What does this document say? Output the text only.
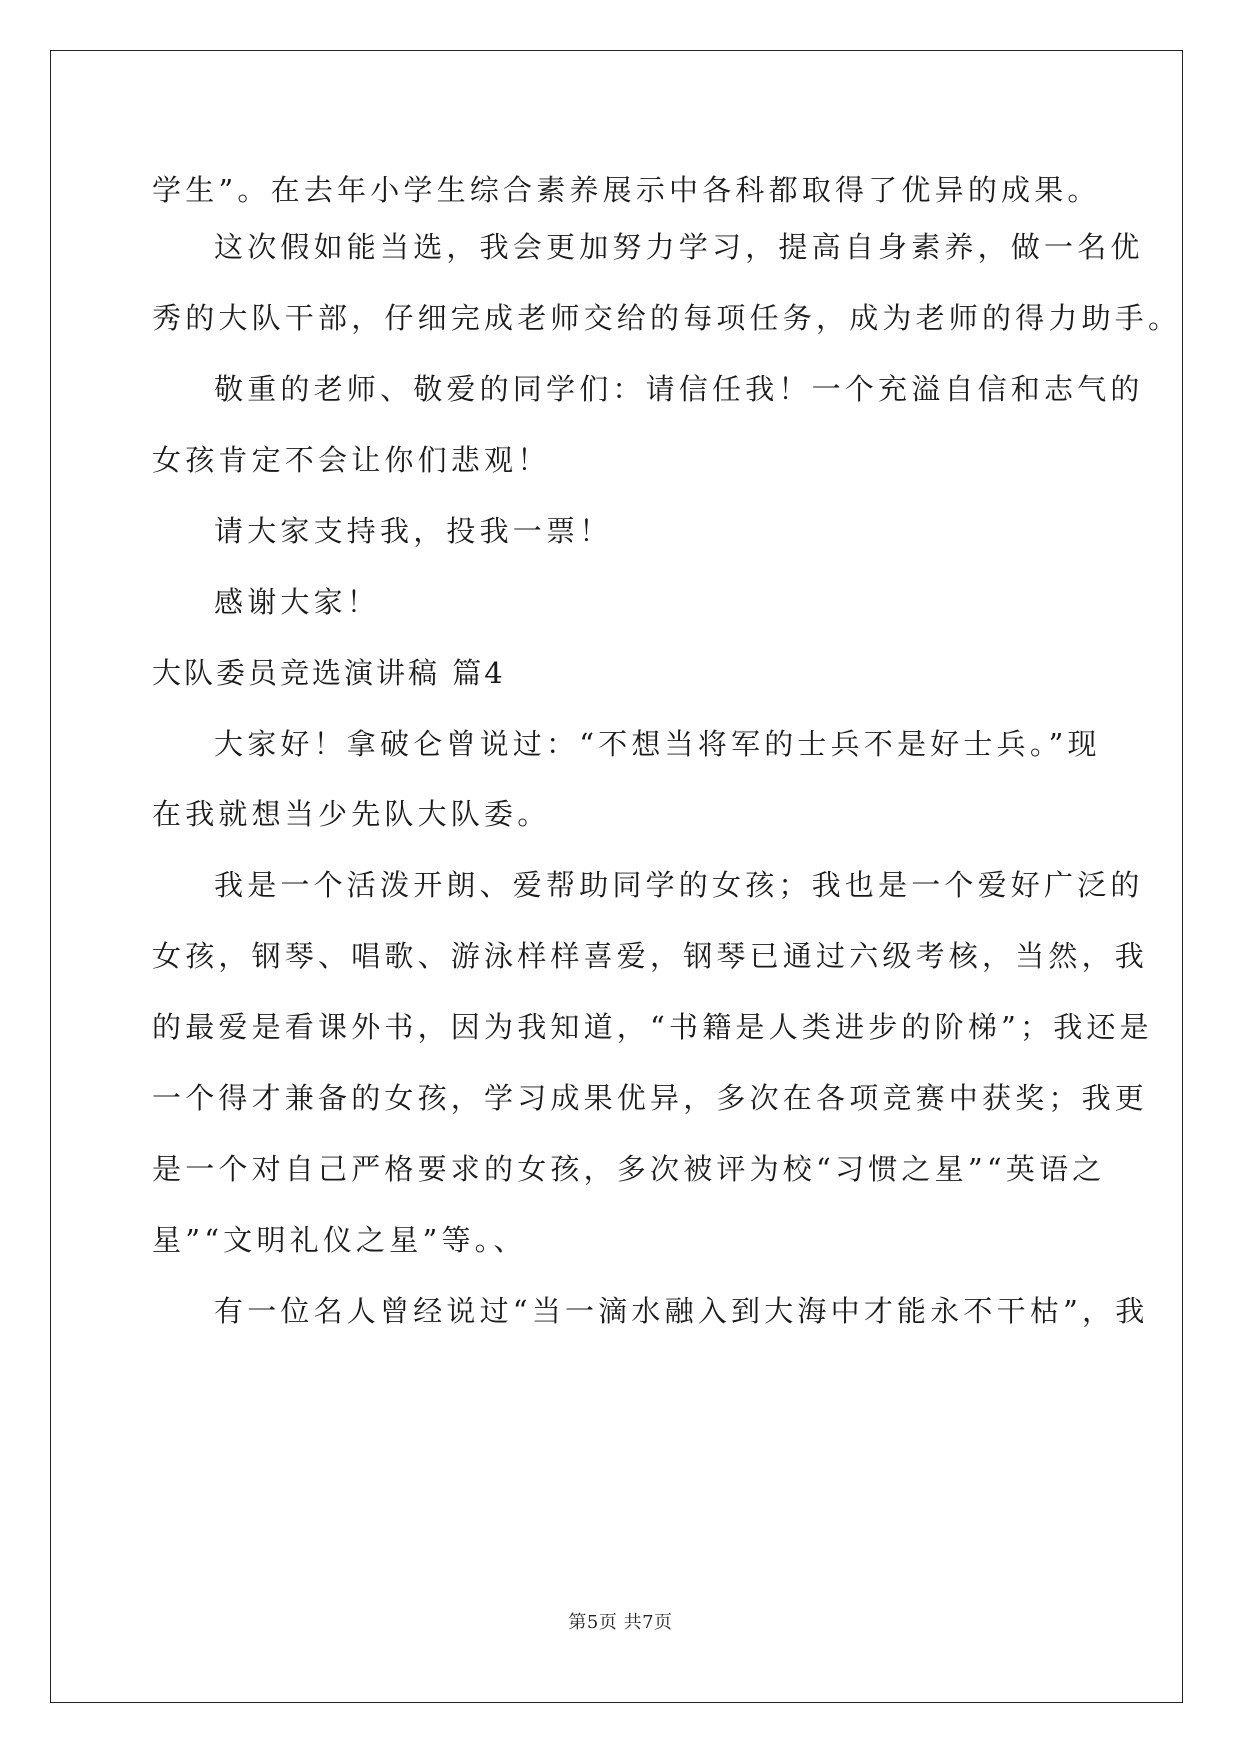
学生”。在去年小学生综合素养展示中各科都取得了优异的成果。
这次假如能当选，我会更加努力学习，提高自身素养，做一名优
秀的大队干部，仔细完成老师交给的每项任务，成为老师的得力助手。
敬重的老师、敬爱的同学们：请信任我！一个充溢自信和志气的
女孩肯定不会让你们悲观！
请大家支持我，投我一票！
感谢大家！
大队委员竞选演讲稿 篇4
大家好！拿破仑曾说过：“不想当将军的士兵不是好士兵。”现
在我就想当少先队大队委。
我是一个活泼开朗、爱帮助同学的女孩；我也是一个爱好广泛的
女孩，钢琴、唱歌、游泳样样喜爱，钢琴已通过六级考核，当然，我
的最爱是看课外书，因为我知道，“书籍是人类进步的阶梯”；我还是
一个得才兼备的女孩，学习成果优异，多次在各项竞赛中获奖；我更
是一个对自己严格要求的女孩，多次被评为校“习惯之星”“英语之
星”“文明礼仪之星”等。、
有一位名人曾经说过“当一滴水融入到大海中才能永不干枯”，我
第5页 共7页
